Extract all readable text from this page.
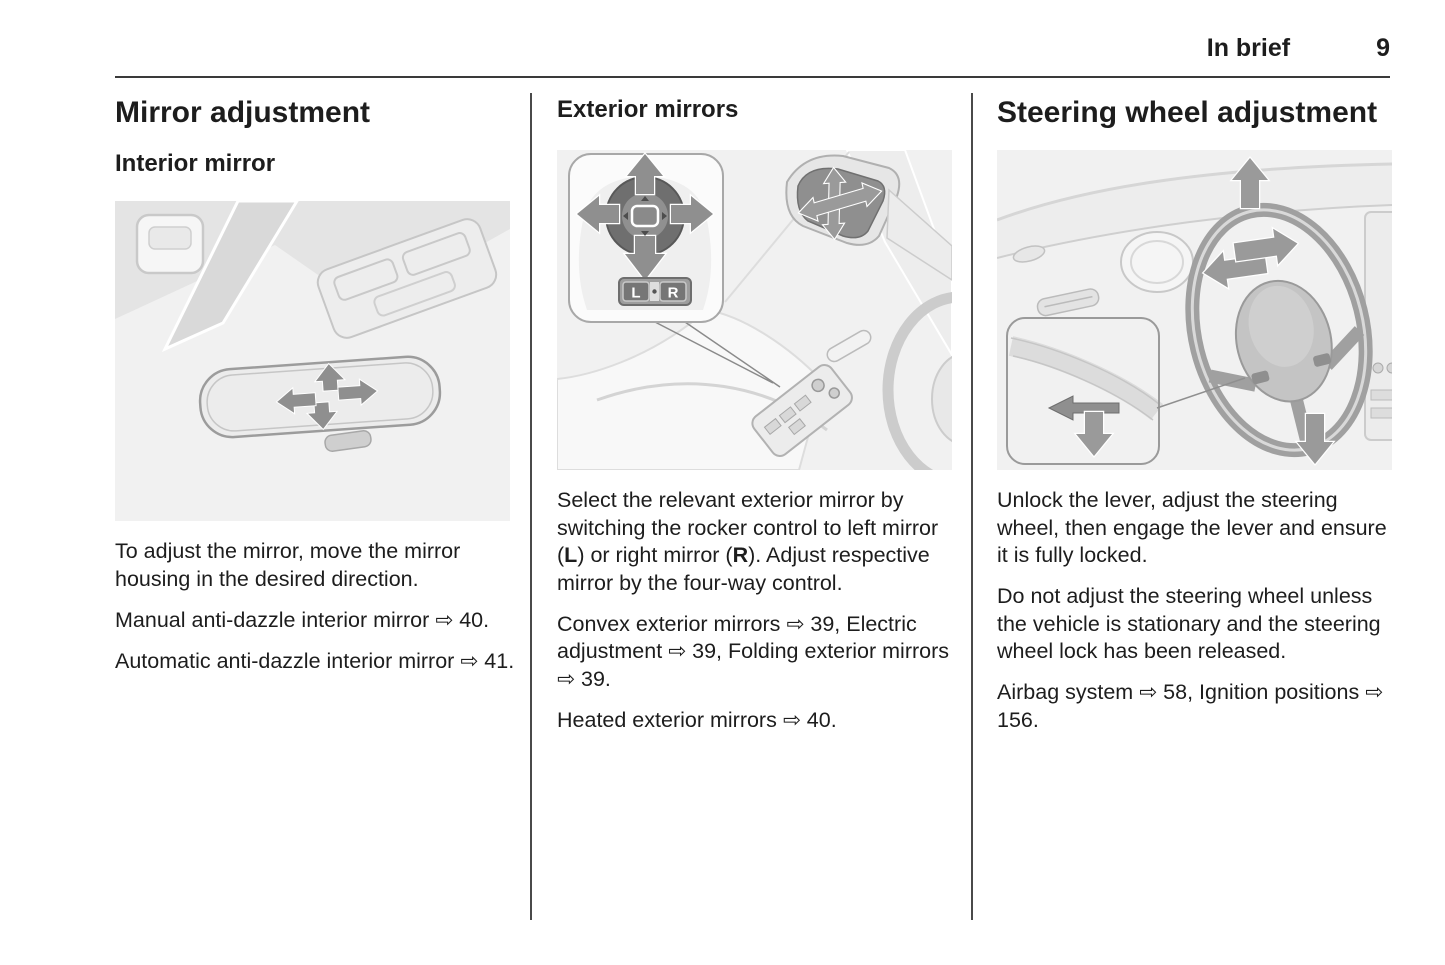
In brief	9
Mirror adjustment
Interior mirror

To adjust the mirror, move the mirror housing in the desired direction.

Manual anti-dazzle interior mirror ⇨ 40.

Automatic anti-dazzle interior mirror ⇨ 41.

Exterior mirrors
L R

Select the relevant exterior mirror by switching the rocker control to left mirror (L) or right mirror (R). Adjust respective mirror by the four-way control.

Convex exterior mirrors ⇨ 39, Electric adjustment ⇨ 39, Folding exterior mirrors ⇨ 39.

Heated exterior mirrors ⇨ 40.

Steering wheel adjustment

Unlock the lever, adjust the steering wheel, then engage the lever and ensure it is fully locked.

Do not adjust the steering wheel unless the vehicle is stationary and the steering wheel lock has been released.

Airbag system ⇨ 58, Ignition positions ⇨ 156.
